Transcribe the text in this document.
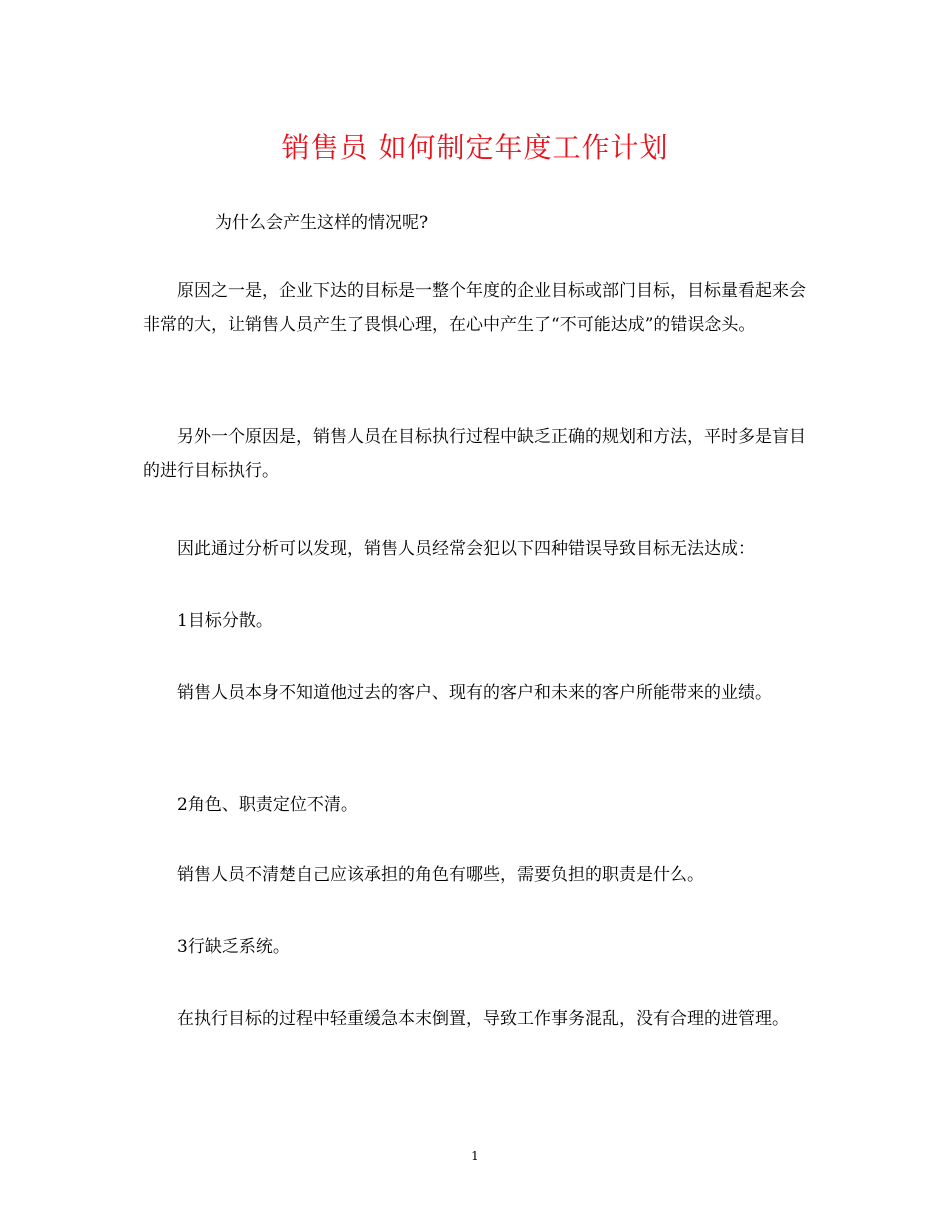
销售员 如何制定年度工作计划

为什么会产生这样的情况呢?

原因之一是，企业下达的目标是一整个年度的企业目标或部门目标，目标量看起来会非常的大，让销售人员产生了畏惧心理，在心中产生了“不可能达成”的错误念头。

另外一个原因是，销售人员在目标执行过程中缺乏正确的规划和方法，平时多是盲目的进行目标执行。

因此通过分析可以发现，销售人员经常会犯以下四种错误导致目标无法达成：

1目标分散。

销售人员本身不知道他过去的客户、现有的客户和未来的客户所能带来的业绩。

2角色、职责定位不清。

销售人员不清楚自己应该承担的角色有哪些，需要负担的职责是什么。

3行缺乏系统。

在执行目标的过程中轻重缓急本末倒置，导致工作事务混乱，没有合理的进管理。

1
